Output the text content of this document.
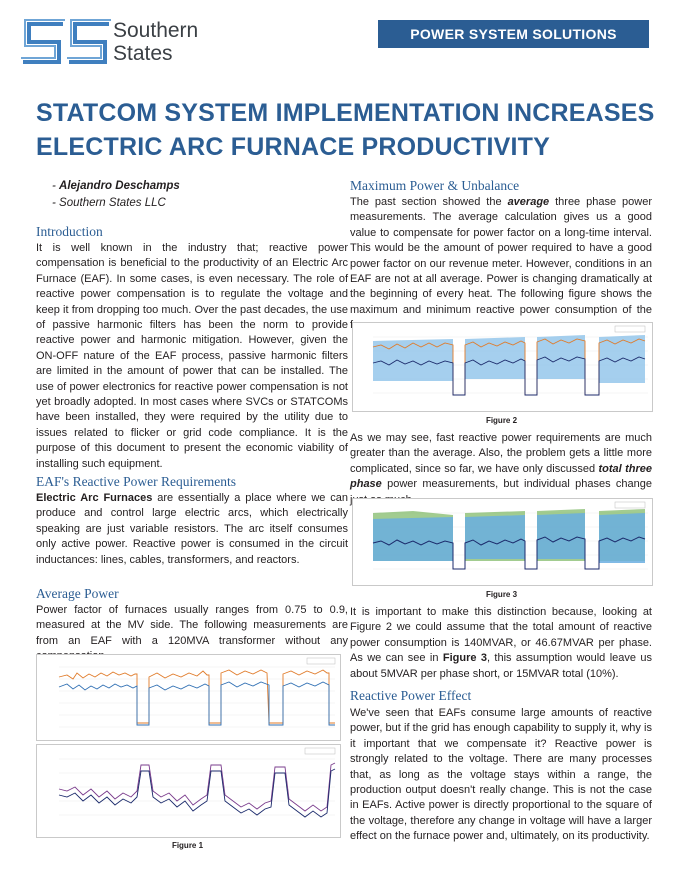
Southern
States
POWER SYSTEM SOLUTIONS
STATCOM SYSTEM IMPLEMENTATION INCREASES
ELECTRIC ARC FURNACE PRODUCTIVITY
- Alejandro Deschamps
- Southern States LLC
Introduction
It is well known in the industry that; reactive power compensation is beneficial to the productivity of an Electric Arc Furnace (EAF). In some cases, is even necessary. The role of reactive power compensation is to regulate the voltage and keep it from dropping too much. Over the past decades, the use of passive harmonic filters has been the norm to provide reactive power and harmonic mitigation. However, given the ON-OFF nature of the EAF process, passive harmonic filters are limited in the amount of power that can be installed. The use of power electronics for reactive power compensation is not yet broadly adopted. In most cases where SVCs or STATCOMs have been installed, they were required by the utility due to issues related to flicker or grid code compliance. It is the purpose of this document to present the economic viability of installing such equipment.
EAF's Reactive Power Requirements
Electric Arc Furnaces are essentially a place where we can produce and control large electric arcs, which electrically speaking are just variable resistors. The arc itself consumes only active power. Reactive power is consumed in the circuit inductances: lines, cables, transformers, and reactors.
Average Power
Power factor of furnaces usually ranges from 0.75 to 0.9, measured at the MV side. The following measurements are from an EAF with a 120MVA transformer without any compensation.
Figure 1
Maximum Power & Unbalance
The past section showed the average three phase power measurements. The average calculation gives us a good value to compensate for power factor on a long-time interval. This would be the amount of power required to have a good power factor on our revenue meter. However, conditions in an EAF are not at all average. Power is changing dramatically at the beginning of every heat. The following figure shows the maximum and minimum reactive power consumption of the furnace.
Figure 2
As we may see, fast reactive power requirements are much greater than the average. Also, the problem gets a little more complicated, since so far, we have only discussed total three phase power measurements, but individual phases change just as much.
Figure 3
It is important to make this distinction because, looking at Figure 2 we could assume that the total amount of reactive power consumption is 140MVAR, or 46.67MVAR per phase. As we can see in Figure 3, this assumption would leave us about 5MVAR per phase short, or 15MVAR total (10%).
Reactive Power Effect
We've seen that EAFs consume large amounts of reactive power, but if the grid has enough capability to supply it, why is it important that we compensate it? Reactive power is strongly related to the voltage. There are many processes that, as long as the voltage stays within a range, the production output doesn't really change. This is not the case in EAFs. Active power is directly proportional to the square of the voltage, therefore any change in voltage will have a larger effect on the furnace power and, ultimately, on its productivity.
